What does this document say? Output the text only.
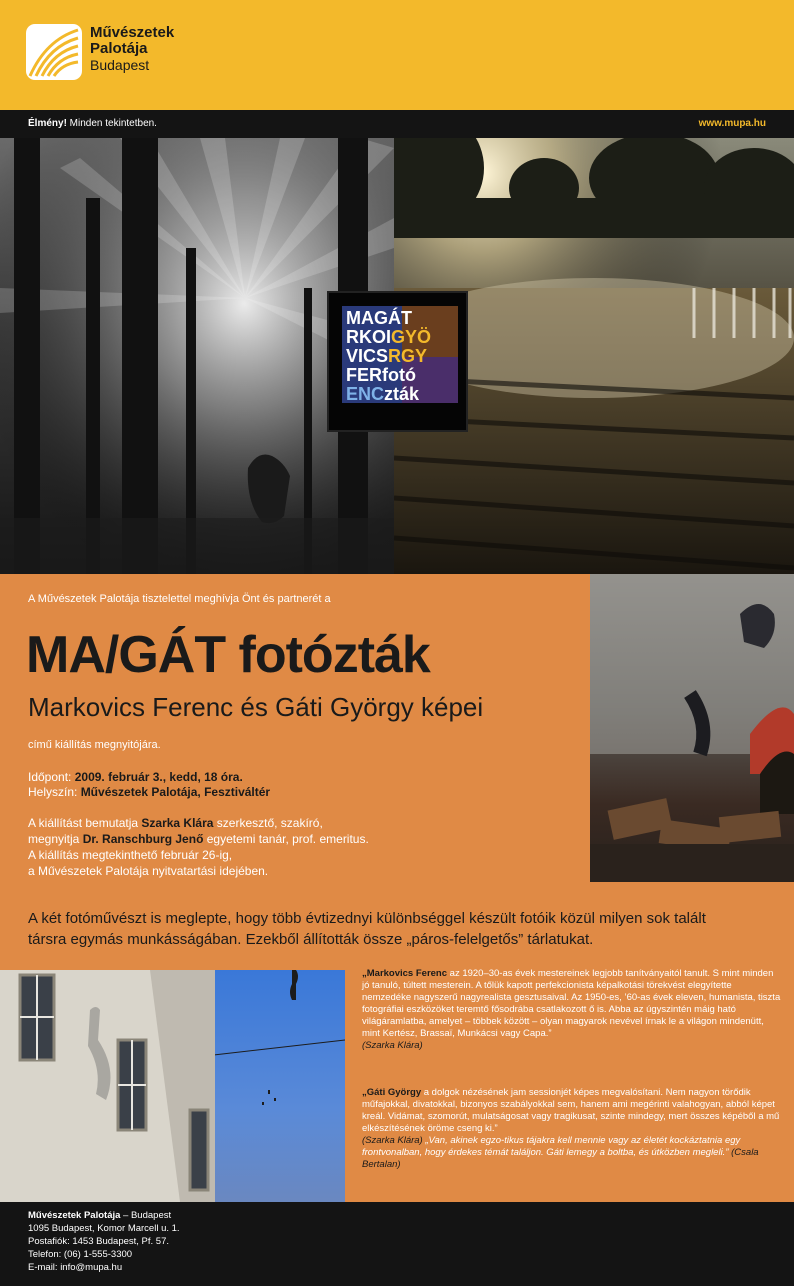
Művészetek
Palotája
Budapest
Élmény! Minden tekintetben.	www.mupa.hu
MAGÁT
RKOIGYÖ
VICSRGY
FERfotó
ENCzták
A Művészetek Palotája tisztelettel meghívja Önt és partnerét a
MA/GÁT fotózták
Markovics Ferenc és Gáti György képei
című kiállítás megnyitójára.
Időpont: 2009. február 3., kedd, 18 óra.
Helyszín: Művészetek Palotája, Fesztiváltér
A kiállítást bemutatja Szarka Klára szerkesztő, szakíró,
megnyitja Dr. Ranschburg Jenő egyetemi tanár, prof. emeritus.
A kiállítás megtekinthető február 26-ig,
a Művészetek Palotája nyitvatartási idejében.
A két fotóművészt is meglepte, hogy több évtizednyi különbséggel készült fotóik közül milyen sok talált társra egymás munkásságában. Ezekből állították össze „páros-felelgetős” tárlatukat.
„Markovics Ferenc az 1920–30-as évek mestereinek legjobb tanítványaitól tanult. S mint minden jó tanuló, túltett mesterein. A tőlük kapott perfekcionista képalkotási törekvést elegyítette nemzedéke nagyszerű nagyrealista gesztusaival. Az 1950-es, ’60-as évek eleven, humanista, tiszta fotográfiai eszközöket teremtő fősodrába csatlakozott ő is. Abba az úgyszintén máig ható világáramlatba, amelyet – többek között – olyan magyarok nevével írnak le a világon mindenütt, mint Kertész, Brassaï, Munkácsi vagy Capa.”
(Szarka Klára)
„Gáti György a dolgok nézésének jam sessionjét képes megvalósítani. Nem nagyon törődik műfajokkal, divatokkal, bizonyos szabályokkal sem, hanem ami megérinti valahogyan, abból képet kreál. Vidámat, szomorút, mulatságosat vagy tragikusat, szinte mindegy, mert összes képéből a mű elkészítésének öröme cseng ki.”
(Szarka Klára) „Van, akinek egzo-tikus tájakra kell mennie vagy az életét kockáztatnia egy frontvonalban, hogy érdekes témát találjon. Gáti lemegy a boltba, és útközben meglelі.” (Csala Bertalan)
Művészetek Palotája – Budapest
1095 Budapest, Komor Marcell u. 1.
Postafiók: 1453 Budapest, Pf. 57.
Telefon: (06) 1-555-3300
E-mail: info@mupa.hu
